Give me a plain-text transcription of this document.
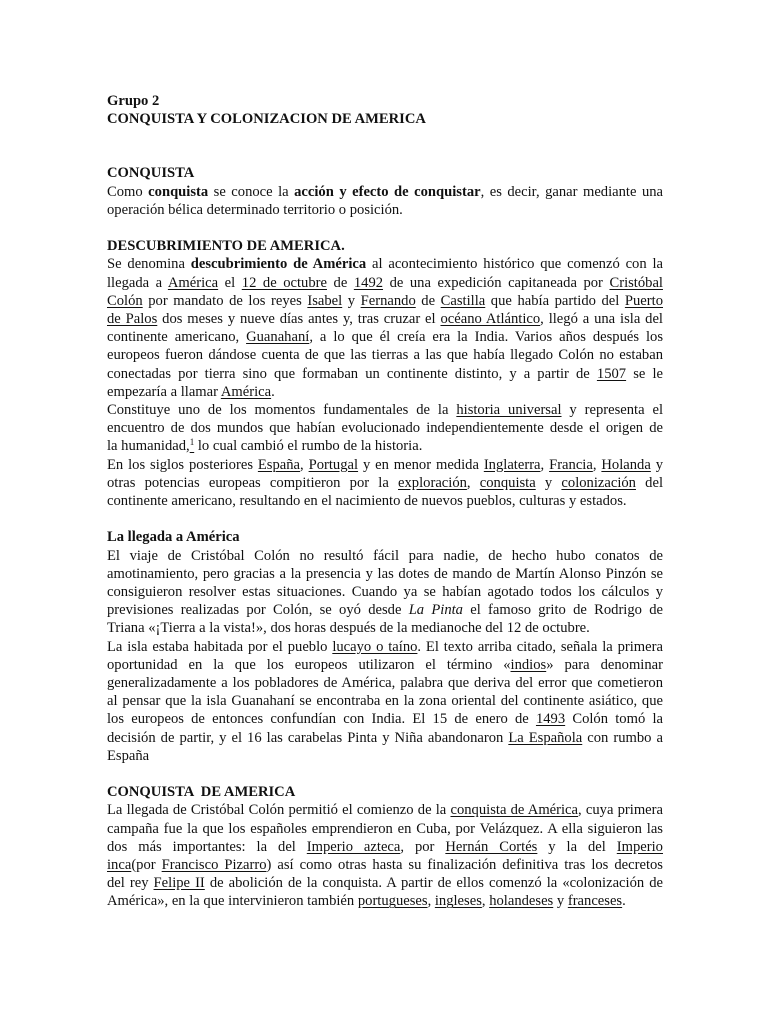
Grupo 2
CONQUISTA Y COLONIZACION DE AMERICA
CONQUISTA
Como conquista se conoce la acción y efecto de conquistar, es decir, ganar mediante una
operación bélica determinado territorio o posición.
DESCUBRIMIENTO DE AMERICA.
Se denomina descubrimiento de América al acontecimiento histórico que comenzó con la
llegada a América el 12 de octubre de 1492 de una expedición capitaneada por Cristóbal
Colón por mandato de los reyes Isabel y Fernando de Castilla que había partido del Puerto
de Palos dos meses y nueve días antes y, tras cruzar el océano Atlántico, llegó a una isla del
continente americano, Guanahaní, a lo que él creía era la India. Varios años después los
europeos fueron dándose cuenta de que las tierras a las que había llegado Colón no estaban
conectadas por tierra sino que formaban un continente distinto, y a partir de 1507 se le
empezaría a llamar América.
Constituye uno de los momentos fundamentales de la historia universal y representa el
encuentro de dos mundos que habían evolucionado independientemente desde el origen de
la humanidad,$^1$ lo cual cambió el rumbo de la historia.
En los siglos posteriores España, Portugal y en menor medida Inglaterra, Francia, Holanda y
otras potencias europeas compitieron por la exploración, conquista y colonización del
continente americano, resultando en el nacimiento de nuevos pueblos, culturas y estados.
La llegada a América
El viaje de Cristóbal Colón no resultó fácil para nadie, de hecho hubo conatos de
amotinamiento, pero gracias a la presencia y las dotes de mando de Martín Alonso Pinzón se
consiguieron resolver estas situaciones. Cuando ya se habían agotado todos los cálculos y
previsiones realizadas por Colón, se oyó desde La Pinta el famoso grito de Rodrigo de
Triana «¡Tierra a la vista!», dos horas después de la medianoche del 12 de octubre.
La isla estaba habitada por el pueblo lucayo o taíno. El texto arriba citado, señala la primera
oportunidad en la que los europeos utilizaron el término «indios» para denominar
generalizadamente a los pobladores de América, palabra que deriva del error que cometieron
al pensar que la isla Guanahaní se encontraba en la zona oriental del continente asiático, que
los europeos de entonces confundían con India. El 15 de enero de 1493 Colón tomó la
decisión de partir, y el 16 las carabelas Pinta y Niña abandonaron La Española con rumbo a
España
CONQUISTA  DE AMERICA
La llegada de Cristóbal Colón permitió el comienzo de la conquista de América, cuya primera
campaña fue la que los españoles emprendieron en Cuba, por Velázquez. A ella siguieron las
dos más importantes: la del Imperio azteca, por Hernán Cortés y la del Imperio
inca(por Francisco Pizarro) así como otras hasta su finalización definitiva tras los decretos
del rey Felipe II de abolición de la conquista. A partir de ellos comenzó la «colonización de
América», en la que intervinieron también portugueses, ingleses, holandeses y franceses.
